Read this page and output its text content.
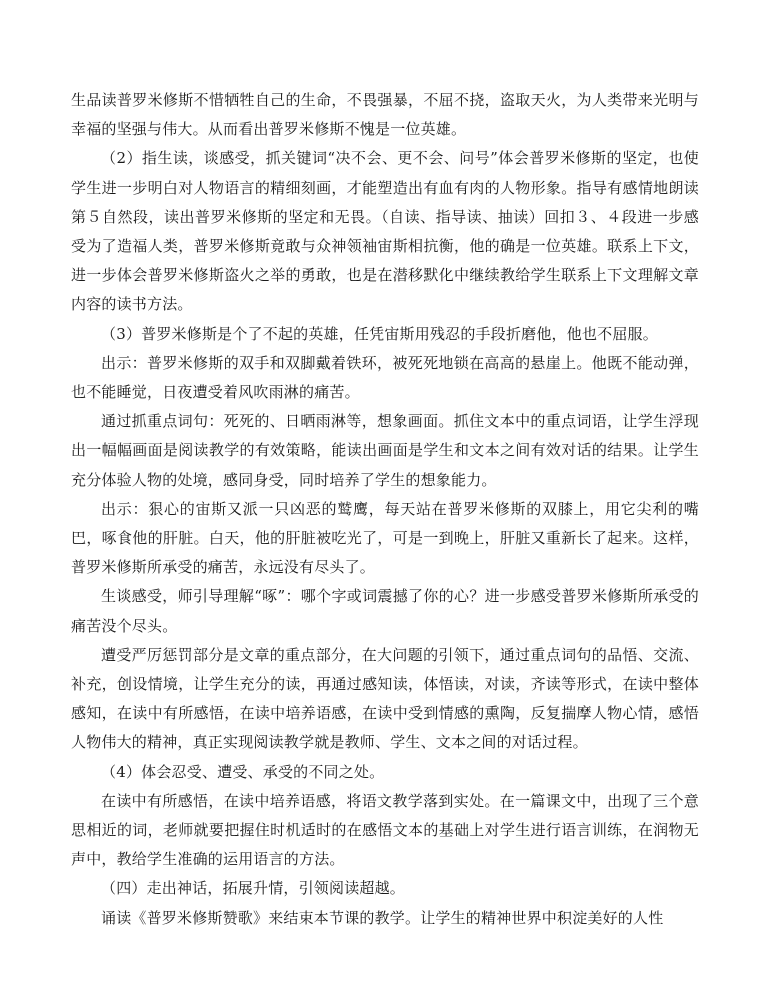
生品读普罗米修斯不惜牺牲自己的生命，不畏强暴，不屈不挠，盗取天火，为人类带来光明与幸福的坚强与伟大。从而看出普罗米修斯不愧是一位英雄。

（2）指生读，谈感受，抓关键词“决不会、更不会、问号”体会普罗米修斯的坚定，也使学生进一步明白对人物语言的精细刻画，才能塑造出有血有肉的人物形象。指导有感情地朗读第５自然段，读出普罗米修斯的坚定和无畏。（自读、指导读、抽读）回扣３、４段进一步感受为了造福人类，普罗米修斯竟敢与众神领袖宙斯相抗衡，他的确是一位英雄。联系上下文，进一步体会普罗米修斯盗火之举的勇敢，也是在潜移默化中继续教给学生联系上下文理解文章内容的读书方法。

（3）普罗米修斯是个了不起的英雄，任凭宙斯用残忍的手段折磨他，他也不屈服。

出示：普罗米修斯的双手和双脚戴着铁环，被死死地锁在高高的悬崖上。他既不能动弹，也不能睡觉，日夜遭受着风吹雨淋的痛苦。

通过抓重点词句：死死的、日晒雨淋等，想象画面。抓住文本中的重点词语，让学生浮现出一幅幅画面是阅读教学的有效策略，能读出画面是学生和文本之间有效对话的结果。让学生充分体验人物的处境，感同身受，同时培养了学生的想象能力。

出示：狠心的宙斯又派一只凶恶的鹫鹰，每天站在普罗米修斯的双膝上，用它尖利的嘴巴，啄食他的肝脏。白天，他的肝脏被吃光了，可是一到晚上，肝脏又重新长了起来。这样，普罗米修斯所承受的痛苦，永远没有尽头了。

生谈感受，师引导理解“啄”：哪个字或词震撼了你的心？进一步感受普罗米修斯所承受的痛苦没个尽头。

遭受严厉惩罚部分是文章的重点部分，在大问题的引领下，通过重点词句的品悟、交流、补充，创设情境，让学生充分的读，再通过感知读，体悟读，对读，齐读等形式，在读中整体感知，在读中有所感悟，在读中培养语感，在读中受到情感的熏陶，反复揣摩人物心情，感悟人物伟大的精神，真正实现阅读教学就是教师、学生、文本之间的对话过程。

（4）体会忍受、遭受、承受的不同之处。

在读中有所感悟，在读中培养语感，将语文教学落到实处。在一篇课文中，出现了三个意思相近的词，老师就要把握住时机适时的在感悟文本的基础上对学生进行语言训练，在润物无声中，教给学生准确的运用语言的方法。

（四）走出神话，拓展升情，引领阅读超越。

诵读《普罗米修斯赞歌》来结束本节课的教学。让学生的精神世界中积淀美好的人性
